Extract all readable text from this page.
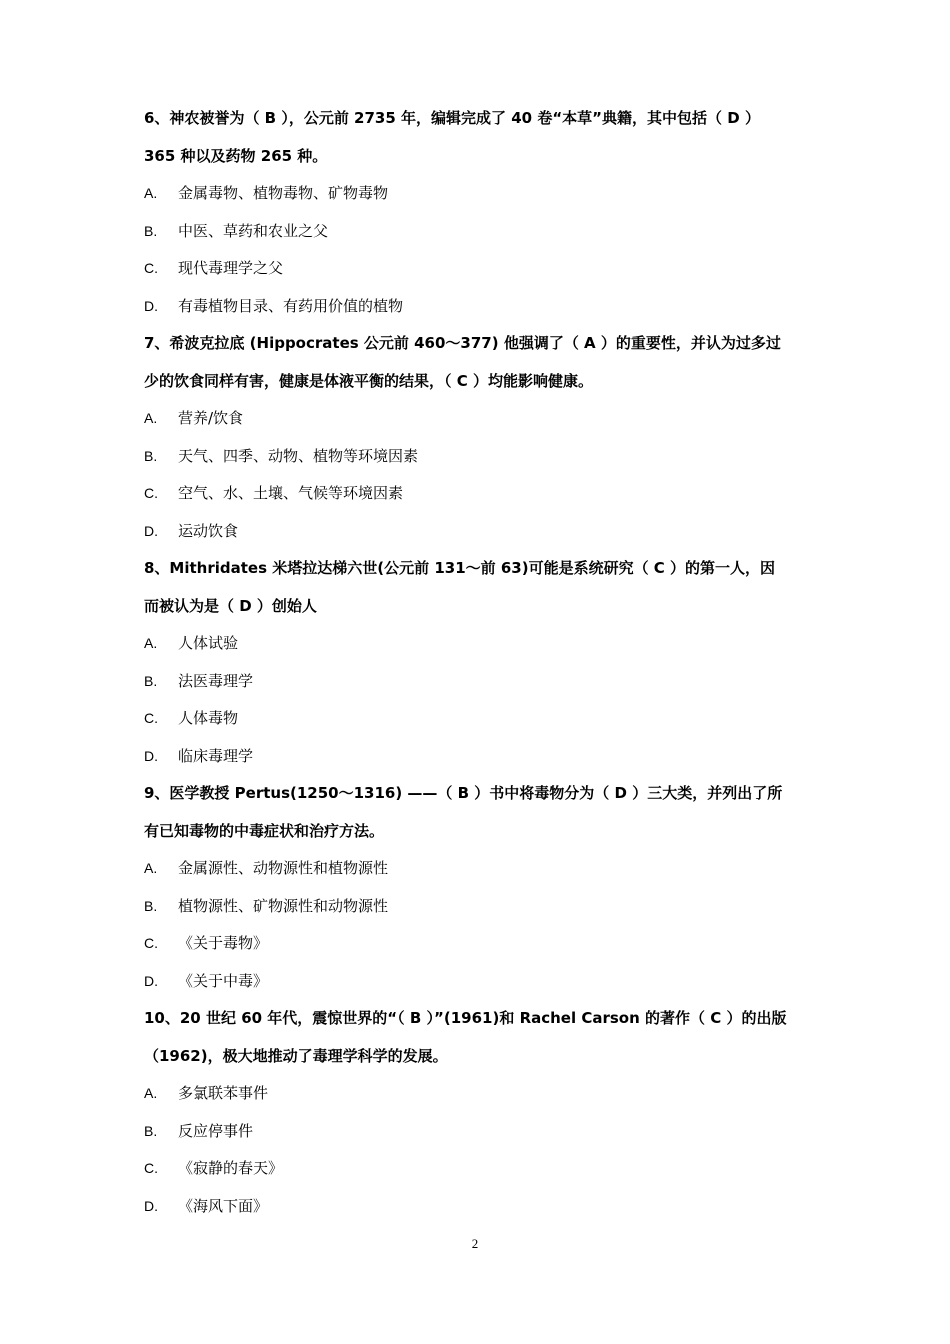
6、神农被誉为（ B ），公元前 2735 年，编辑完成了 40 卷“本草”典籍，其中包括（ D ）
365 种以及药物 265 种。

A.	金属毒物、植物毒物、矿物毒物
B.	中医、草药和农业之父
C.	现代毒理学之父
D.	有毒植物目录、有药用价值的植物

7、希波克拉底 (Hippocrates 公元前 460～377) 他强调了（ A ）的重要性，并认为过多过
少的饮食同样有害，健康是体液平衡的结果，（ C ）均能影响健康。

A.	营养/饮食
B.	天气、四季、动物、植物等环境因素
C.	空气、水、土壤、气候等环境因素
D.	运动饮食

8、Mithridates 米塔拉达梯六世(公元前 131～前 63)可能是系统研究（ C ）的第一人，因
而被认为是（ D ）创始人

A.	人体试验
B.	法医毒理学
C.	人体毒物
D.	临床毒理学

9、医学教授 Pertus(1250～1316) ——（ B ）书中将毒物分为（ D ）三大类，并列出了所
有已知毒物的中毒症状和治疗方法。

A.	金属源性、动物源性和植物源性
B.	植物源性、矿物源性和动物源性
C.	《关于毒物》
D.	《关于中毒》

10、20 世纪 60 年代，震惊世界的“（ B ）”(1961)和 Rachel Carson 的著作（ C ）的出版
（1962)，极大地推动了毒理学科学的发展。

A.	多氯联苯事件
B.	反应停事件
C.	《寂静的春天》
D.	《海风下面》
2
